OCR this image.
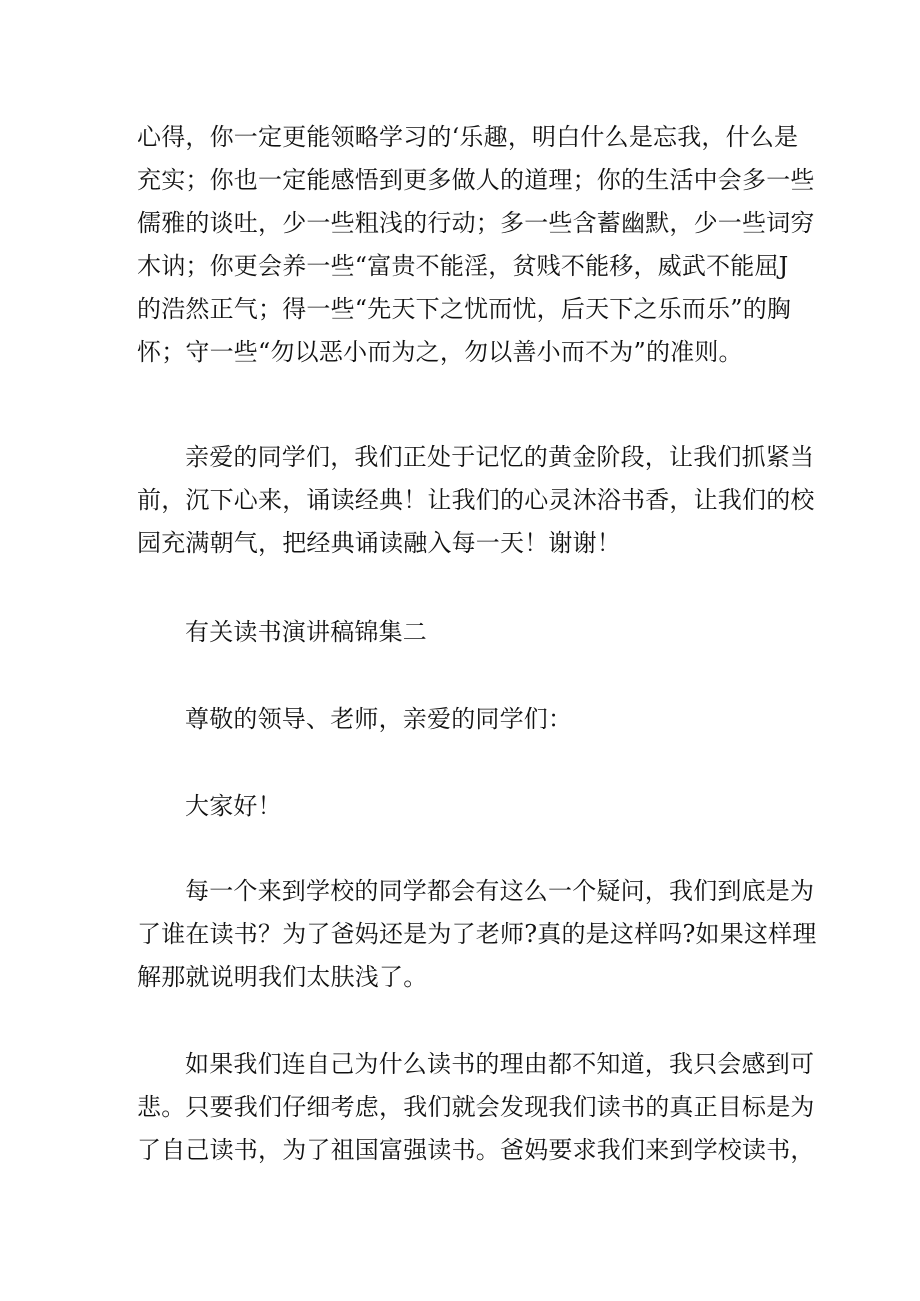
心得，你一定更能领略学习的‘乐趣，明白什么是忘我，什么是
充实；你也一定能感悟到更多做人的道理；你的生活中会多一些
儒雅的谈吐，少一些粗浅的行动；多一些含蓄幽默，少一些词穷
木讷；你更会养一些“富贵不能淫，贫贱不能移，威武不能屈J
的浩然正气；得一些“先天下之忧而忧，后天下之乐而乐”的胸
怀；守一些“勿以恶小而为之，勿以善小而不为”的准则。
亲爱的同学们，我们正处于记忆的黄金阶段，让我们抓紧当
前，沉下心来，诵读经典！让我们的心灵沐浴书香，让我们的校
园充满朝气，把经典诵读融入每一天！谢谢！
有关读书演讲稿锦集二
尊敬的领导、老师，亲爱的同学们：
大家好！
每一个来到学校的同学都会有这么一个疑问，我们到底是为
了谁在读书？为了爸妈还是为了老师?真的是这样吗?如果这样理
解那就说明我们太肤浅了。
如果我们连自己为什么读书的理由都不知道，我只会感到可
悲。只要我们仔细考虑，我们就会发现我们读书的真正目标是为
了自己读书，为了祖国富强读书。爸妈要求我们来到学校读书，
